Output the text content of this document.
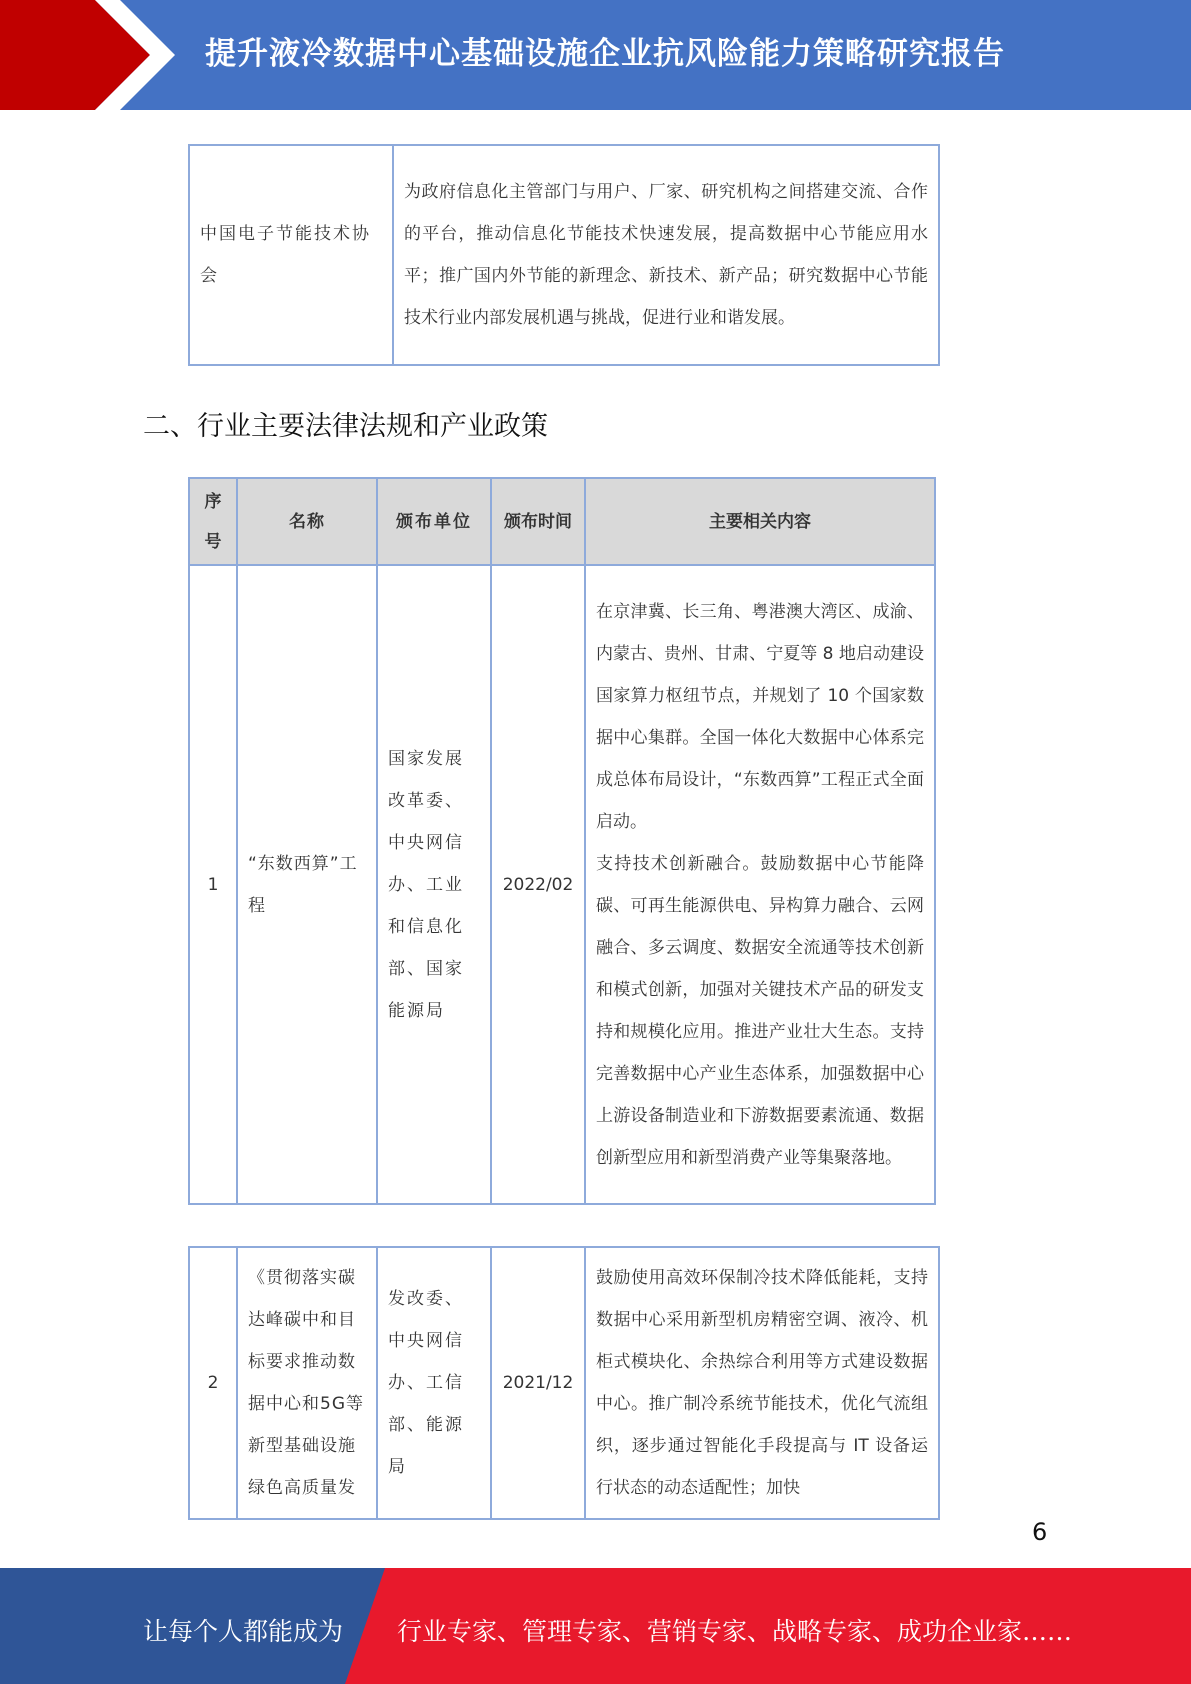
提升液冷数据中心基础设施企业抗风险能力策略研究报告
中国电子节能技术协会	为政府信息化主管部门与用户、厂家、研究机构之间搭建交流、合作的平台，推动信息化节能技术快速发展，提高数据中心节能应用水平；推广国内外节能的新理念、新技术、新产品；研究数据中心节能技术行业内部发展机遇与挑战，促进行业和谐发展。
二、行业主要法律法规和产业政策
序号	名称	颁布单位	颁布时间	主要相关内容
1	“东数西算”工程	国家发展改革委、中央网信办、工业和信息化部、国家能源局	2022/02	在京津冀、长三角、粤港澳大湾区、成渝、内蒙古、贵州、甘肃、宁夏等 8 地启动建设国家算力枢纽节点，并规划了 10 个国家数据中心集群。全国一体化大数据中心体系完成总体布局设计，“东数西算”工程正式全面启动。
支持技术创新融合。鼓励数据中心节能降碳、可再生能源供电、异构算力融合、云网融合、多云调度、数据安全流通等技术创新和模式创新，加强对关键技术产品的研发支持和规模化应用。推进产业壮大生态。支持完善数据中心产业生态体系，加强数据中心上游设备制造业和下游数据要素流通、数据创新型应用和新型消费产业等集聚落地。
2	《贯彻落实碳达峰碳中和目标要求推动数据中心和5G等新型基础设施绿色高质量发	发改委、中央网信办、工信部、能源局	2021/12	鼓励使用高效环保制冷技术降低能耗，支持数据中心采用新型机房精密空调、液冷、机柜式模块化、余热综合利用等方式建设数据中心。推广制冷系统节能技术，优化气流组织，逐步通过智能化手段提高与 IT 设备运行状态的动态适配性；加快
6
让每个人都能成为 行业专家、管理专家、营销专家、战略专家、成功企业家……
